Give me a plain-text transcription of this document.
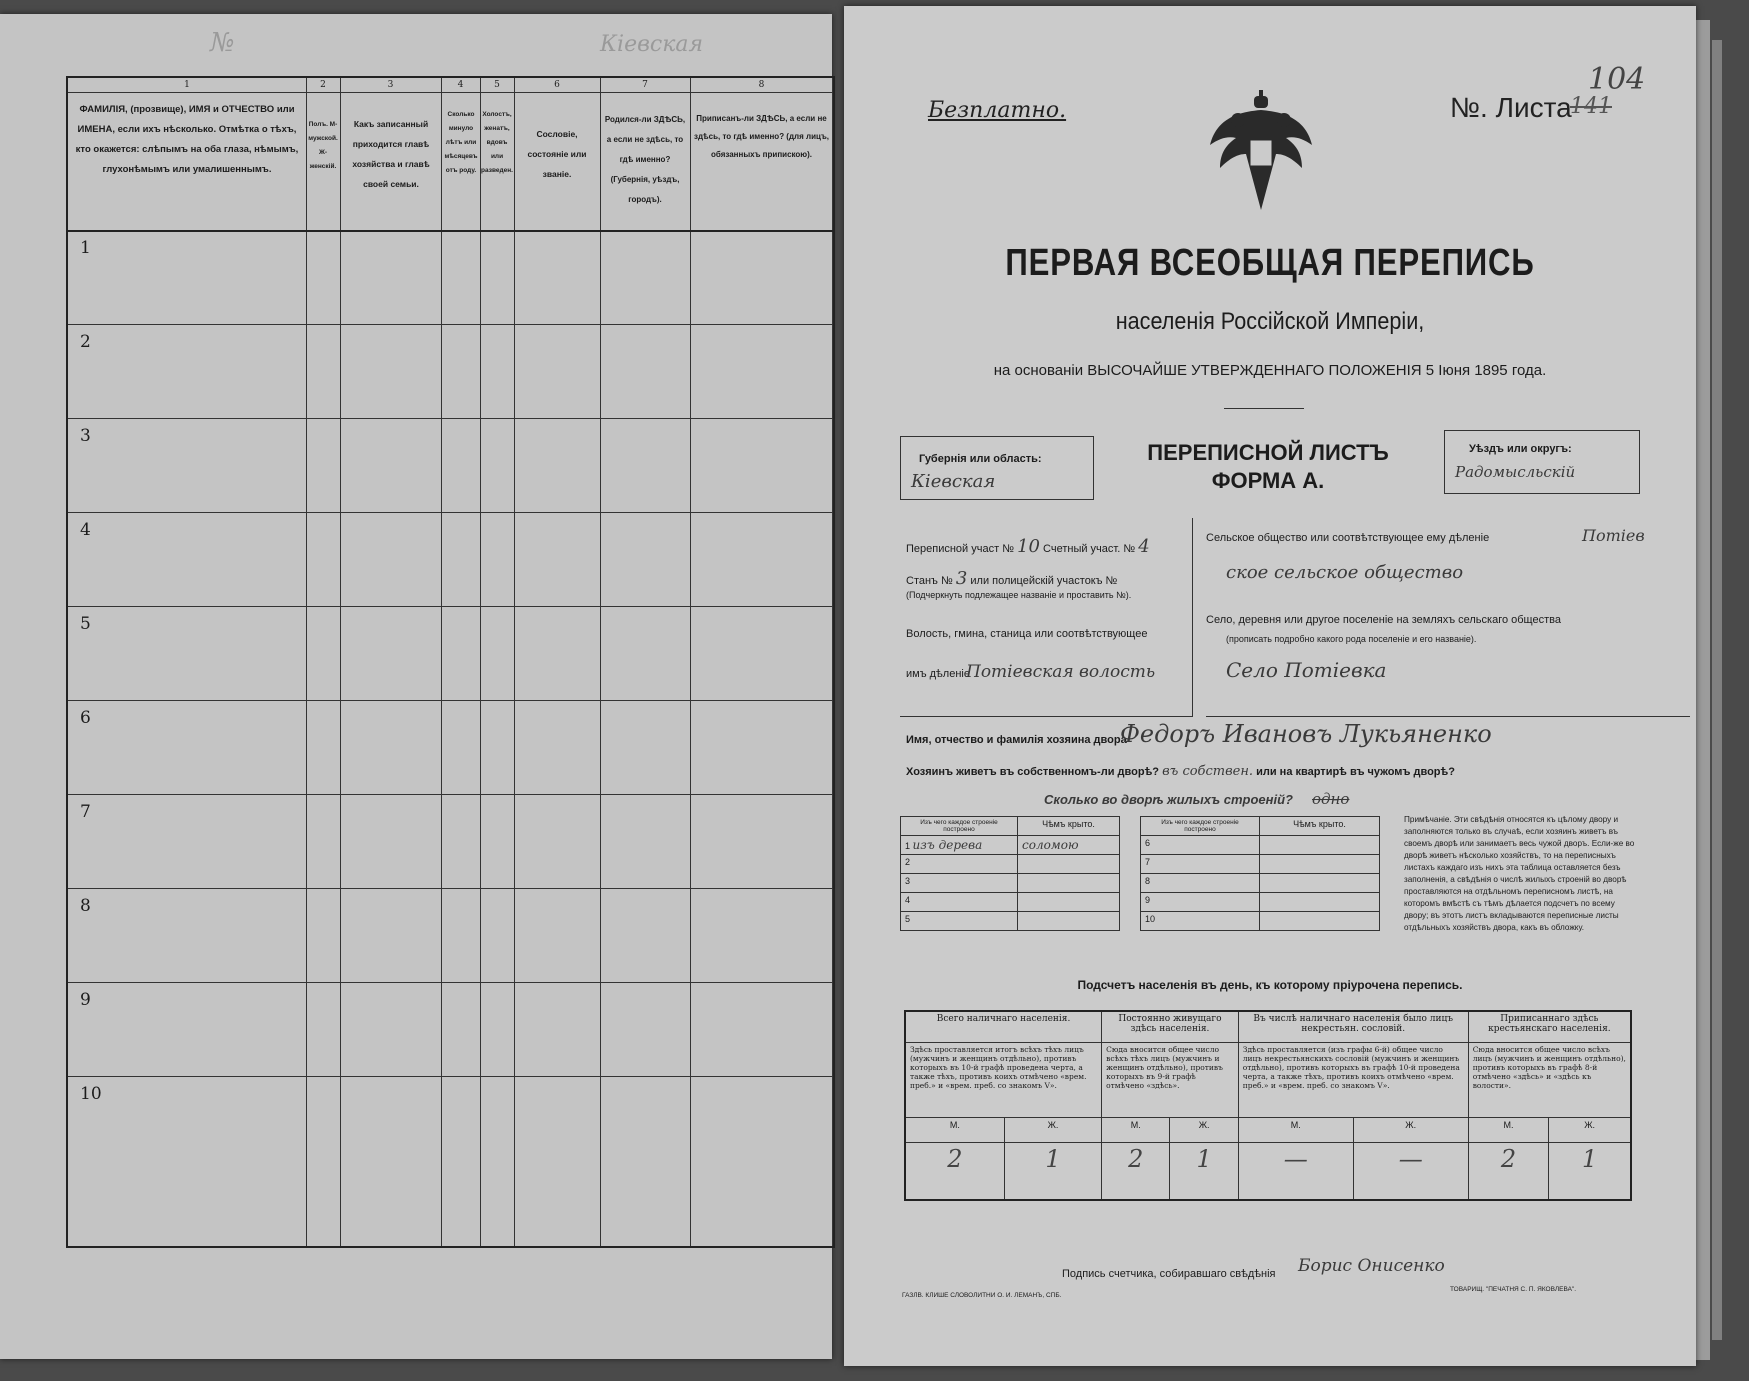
Кіевская
№
1	2	3	4	5	6	7	8
ФАМИЛІЯ, (прозвище), ИМЯ и ОТЧЕСТВО или ИМЕНА, если ихъ нѣсколько. Отмѣтка о тѣхъ, кто окажется: слѣпымъ на оба глаза, нѣмымъ, глухонѣмымъ или умалишеннымъ.
Полъ. М-мужской. Ж-женскій.
Какъ записанный приходится главѣ хозяйства и главѣ своей семьи.
Сколько минуло лѣтъ или мѣсяцевъ отъ роду.
Холостъ, женатъ, вдовъ или разведен.
Сословіе, состояніе или званіе.
Родился-ли ЗДѢСЬ, а если не здѣсь, то гдѣ именно? (Губернія, уѣздъ, городъ).
Приписанъ-ли ЗДѢСЬ, а если не здѣсь, то гдѣ именно? (для лицъ, обязанныхъ припискою).
1
2
3
4
5
6
7
8
9
10
Безплатно.	№. Листа
141
104
ПЕРВАЯ ВСЕОБЩАЯ ПЕРЕПИСЬ
населенія Россійской Имперіи,
на основаніи ВЫСОЧАЙШЕ УТВЕРЖДЕННАГО ПОЛОЖЕНІЯ 5 Іюня 1895 года.
Губернія или область:
Кіевская
ПЕРЕПИСНОЙ ЛИСТЪ
ФОРМА А.
Уѣздъ или округъ:
Радомысльскій
Переписной участ № 10 Счетный участ. № 4
Станъ № 3 или полицейскій участокъ №
(Подчеркнуть подлежащее названіе и проставить №).
Волость, гмина, станица или соотвѣтствующее
имъ дѣленіе
Потіевская волость
Сельское общество или соотвѣтствующее ему дѣленіе	Потіев
ское сельское общество
Село, деревня или другое поселеніе на земляхъ сельскаго общества
(прописать подробно какого рода поселеніе и его названіе).
Село Потіевка
Имя, отчество и фамилія хозяина двора
Федоръ Ивановъ Лукьяненко
Хозяинъ живетъ въ собственномъ-ли дворѣ? въ собствен. или на квартирѣ въ чужомъ дворѣ?
Сколько во дворѣ жилыхъ строеній? одно
Изъ чего каждое строеніе построено	Чѣмъ крыто.
1 изъ дерева	соломою
2	
3	
4	
5	
Изъ чего каждое строеніе построено	Чѣмъ крыто.
6	
7	
8	
9	
10	
Примѣчаніе. Эти свѣдѣнія относятся къ цѣлому двору и заполняются только въ случаѣ, если хозяинъ живетъ въ своемъ дворѣ или занимаетъ весь чужой дворъ. Если-же во дворѣ живетъ нѣсколько хозяйствъ, то на переписныхъ листахъ каждаго изъ нихъ эта таблица оставляется безъ заполненія, а свѣдѣнія о числѣ жилыхъ строеній во дворѣ проставляются на отдѣльномъ переписномъ листѣ, на которомъ вмѣстѣ съ тѣмъ дѣлается подсчетъ по всему двору; въ этотъ листъ вкладываются переписные листы отдѣльныхъ хозяйствъ двора, какъ въ обложку.
Подсчетъ населенія въ день, къ которому пріурочена перепись.
Всего наличнаго населенія.		Постоянно живущаго здѣсь населенія.		Въ числѣ наличнаго населенія было лицъ некрестьян. сословій.		Приписаннаго здѣсь крестьянскаго населенія.	
Здѣсь проставляется итогъ всѣхъ тѣхъ лицъ (мужчинъ и женщинъ отдѣльно), противъ которыхъ въ 10-й графѣ проведена черта, а также тѣхъ, противъ коихъ отмѣчено «врем. преб.» и «врем. преб. со знакомъ V».		Сюда вносится общее число всѣхъ тѣхъ лицъ (мужчинъ и женщинъ отдѣльно), противъ которыхъ въ 9-й графѣ отмѣчено «здѣсь».		Здѣсь проставляется (изъ графы 6-й) общее число лицъ некрестьянскихъ сословій (мужчинъ и женщинъ отдѣльно), противъ которыхъ въ графѣ 10-й проведена черта, а также тѣхъ, противъ коихъ отмѣчено «врем. преб.» и «врем. преб. со знакомъ V».		Сюда вносится общее число всѣхъ лицъ (мужчинъ и женщинъ отдѣльно), противъ которыхъ въ графѣ 8-й отмѣчено «здѣсь» и «здѣсь къ волости».	
М.	Ж.	М.	Ж.	М.	Ж.	М.	Ж.
2	1	2	1	—	—	2	1
Подпись счетчика, собиравшаго свѣдѣнія Борис Онисенко
ГАЗЛВ. КЛИШЕ СЛОВОЛИТНИ О. И. ЛЕМАНЪ, СПБ.
ТОВАРИЩ. "ПЕЧАТНЯ С. П. ЯКОВЛЕВА".
